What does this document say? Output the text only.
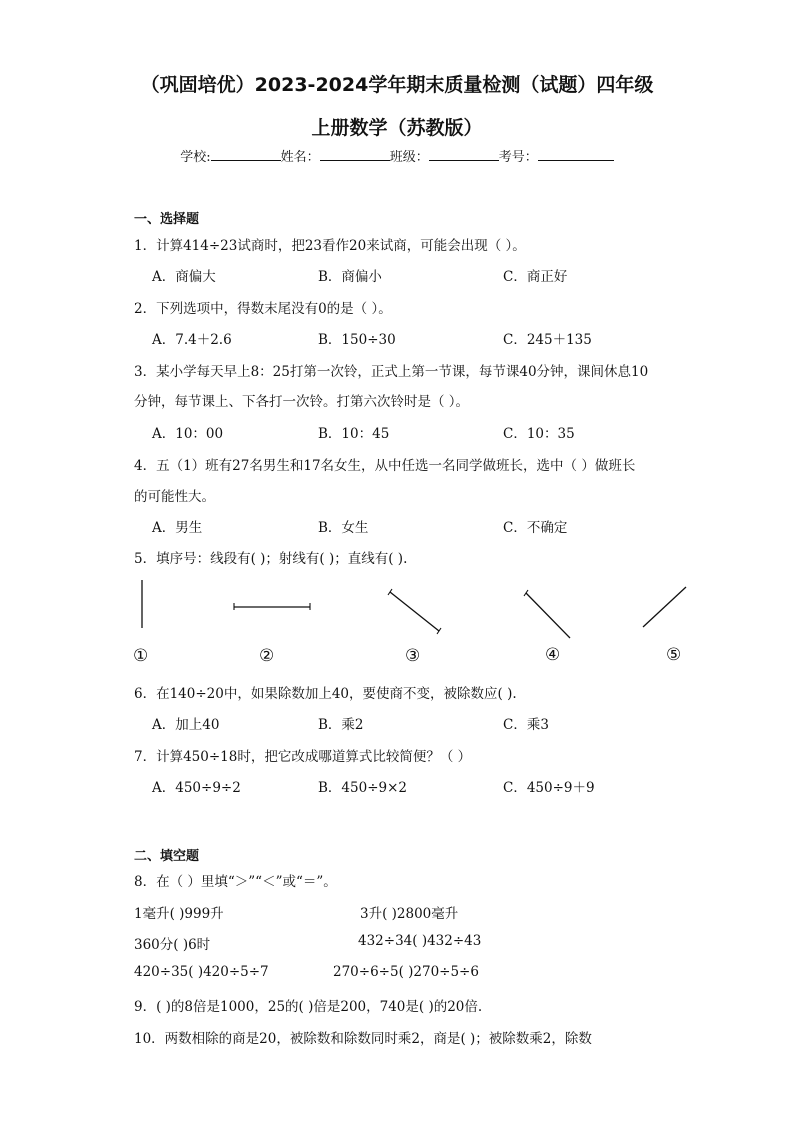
（巩固培优）2023-2024学年期末质量检测（试题）四年级
上册数学（苏教版）
学校:	姓名：	班级：	考号：
一、选择题
1．计算414÷23试商时，把23看作20来试商，可能会出现（ ）。
A．商偏大	B．商偏小	C．商正好
2．下列选项中，得数末尾没有0的是（ ）。
A．7.4＋2.6	B．150÷30	C．245＋135
3．某小学每天早上8：25打第一次铃，正式上第一节课，每节课40分钟，课间休息10
分钟，每节课上、下各打一次铃。打第六次铃时是（ ）。
A．10：00	B．10：45	C．10：35
4．五（1）班有27名男生和17名女生，从中任选一名同学做班长，选中（ ）做班长
的可能性大。
A．男生	B．女生	C．不确定
5．填序号：线段有( )；射线有( )；直线有( ).
①	②	③	④	⑤
6．在140÷20中，如果除数加上40，要使商不变，被除数应( ).
A．加上40	B．乘2	C．乘3
7．计算450÷18时，把它改成哪道算式比较简便？（ ）
A．450÷9÷2	B．450÷9×2	C．450÷9＋9
二、填空题
8．在（ ）里填“＞”“＜”或“＝”。
1毫升( )999升	3升( )2800毫升
360分( )6时	432÷34( )432÷43
420÷35( )420÷5÷7	270÷6÷5( )270÷5÷6
9．( )的8倍是1000，25的( )倍是200，740是( )的20倍.
10．两数相除的商是20，被除数和除数同时乘2，商是( )；被除数乘2，除数
